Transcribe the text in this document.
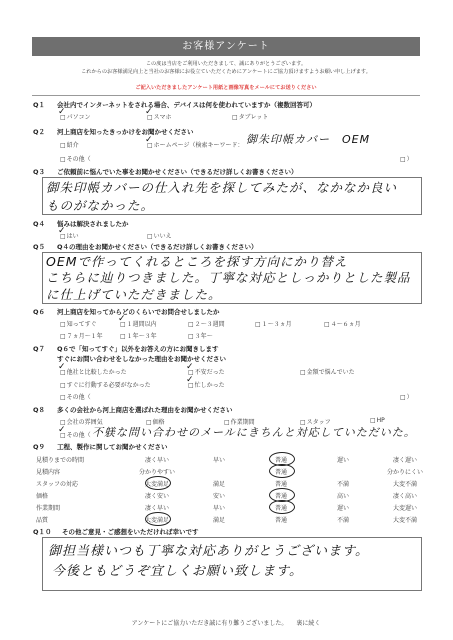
お客様アンケート
この度は当店をご利用いただきまして、誠にありがとうございます。
これからのお客様満足向上と当社のお客様にお役立ていただくためにアンケートにご協力頂けますようお願い申し上げます。
ご記入いただきましたアンケート用紙と画像写真をメールにてお送りください
Q１ 会社内でインターネットをされる場合、デバイスは何を使われていますか（複数回答可）
□ パソコン	□ スマホ	□ タブレット
✓	✓
Q２ 河上商店を知ったきっかけをお聞かせください
□ 紹介	□ ホームページ（検索キーワード：
✓	御朱印帳カバー　OEM
□ その他（	□ ）
Q３ ご依頼前に悩んでいた事をお聞かせください（できるだけ詳しくお書きください）
御朱印帳カバーの仕入れ先を探してみたが、なかなか良い
ものがなかった。
Q４ 悩みは解決されましたか
□ はい	□ いいえ
✓
Q５ Q４の理由をお聞かせください（できるだけ詳しくお書きください）
OEMで作ってくれるところを探す方向にかり替え
こちらに辿りつきました。丁寧な対応としっかりとした製品
に仕上げていただきました。
Q６ 河上商店を知ってからどのくらいでお問合せしましたか
□ 知ってすぐ	□ １週間以内	□ ２～３週間	□ １～３ヵ月	□ ４～６ヵ月
✓
□ ７ヵ月～１年	□ １年～３年	□ ３年～
Q７ Q６で「知ってすぐ」以外をお答えの方にお聞きします
すぐにお問い合わせをしなかった理由をお聞かせください
□ 他社と比較したかった	□ 不安だった	□ 金額で悩んでいた
✓	✓
□ すぐに行動する必要がなかった	□ 忙しかった
✓
□ その他（	□ ）
Q８ 多くの会社から河上商店を選ばれた理由をお聞かせください
□ 会社の雰囲気	□ 価格	□ 作業期間	□ スタッフ	□ HP
□ その他（
✓ 不躾な問い合わせのメールにきちんと対応していただいた。
Q９ 工程、製作に関してお聞かせください
見積りまでの時間	凄く早い	早い	普通	遅い	凄く遅い
見積内容	分かりやすい	普通	分かりにくい
スタッフの対応	大変満足	満足	普通	不満	大変不満
価格	凄く安い	安い	普通	高い	凄く高い
作業期間	凄く早い	早い	普通	遅い	大変遅い
品質	大変満足	満足	普通	不満	大変不満
Q１０ その他ご意見・ご感想をいただければ幸いです
御担当様いつも丁寧な対応ありがとうございます。
今後ともどうぞ宜しくお願い致します。
アンケートにご協力いただき誠に有り難うございました。　　裏に続く
